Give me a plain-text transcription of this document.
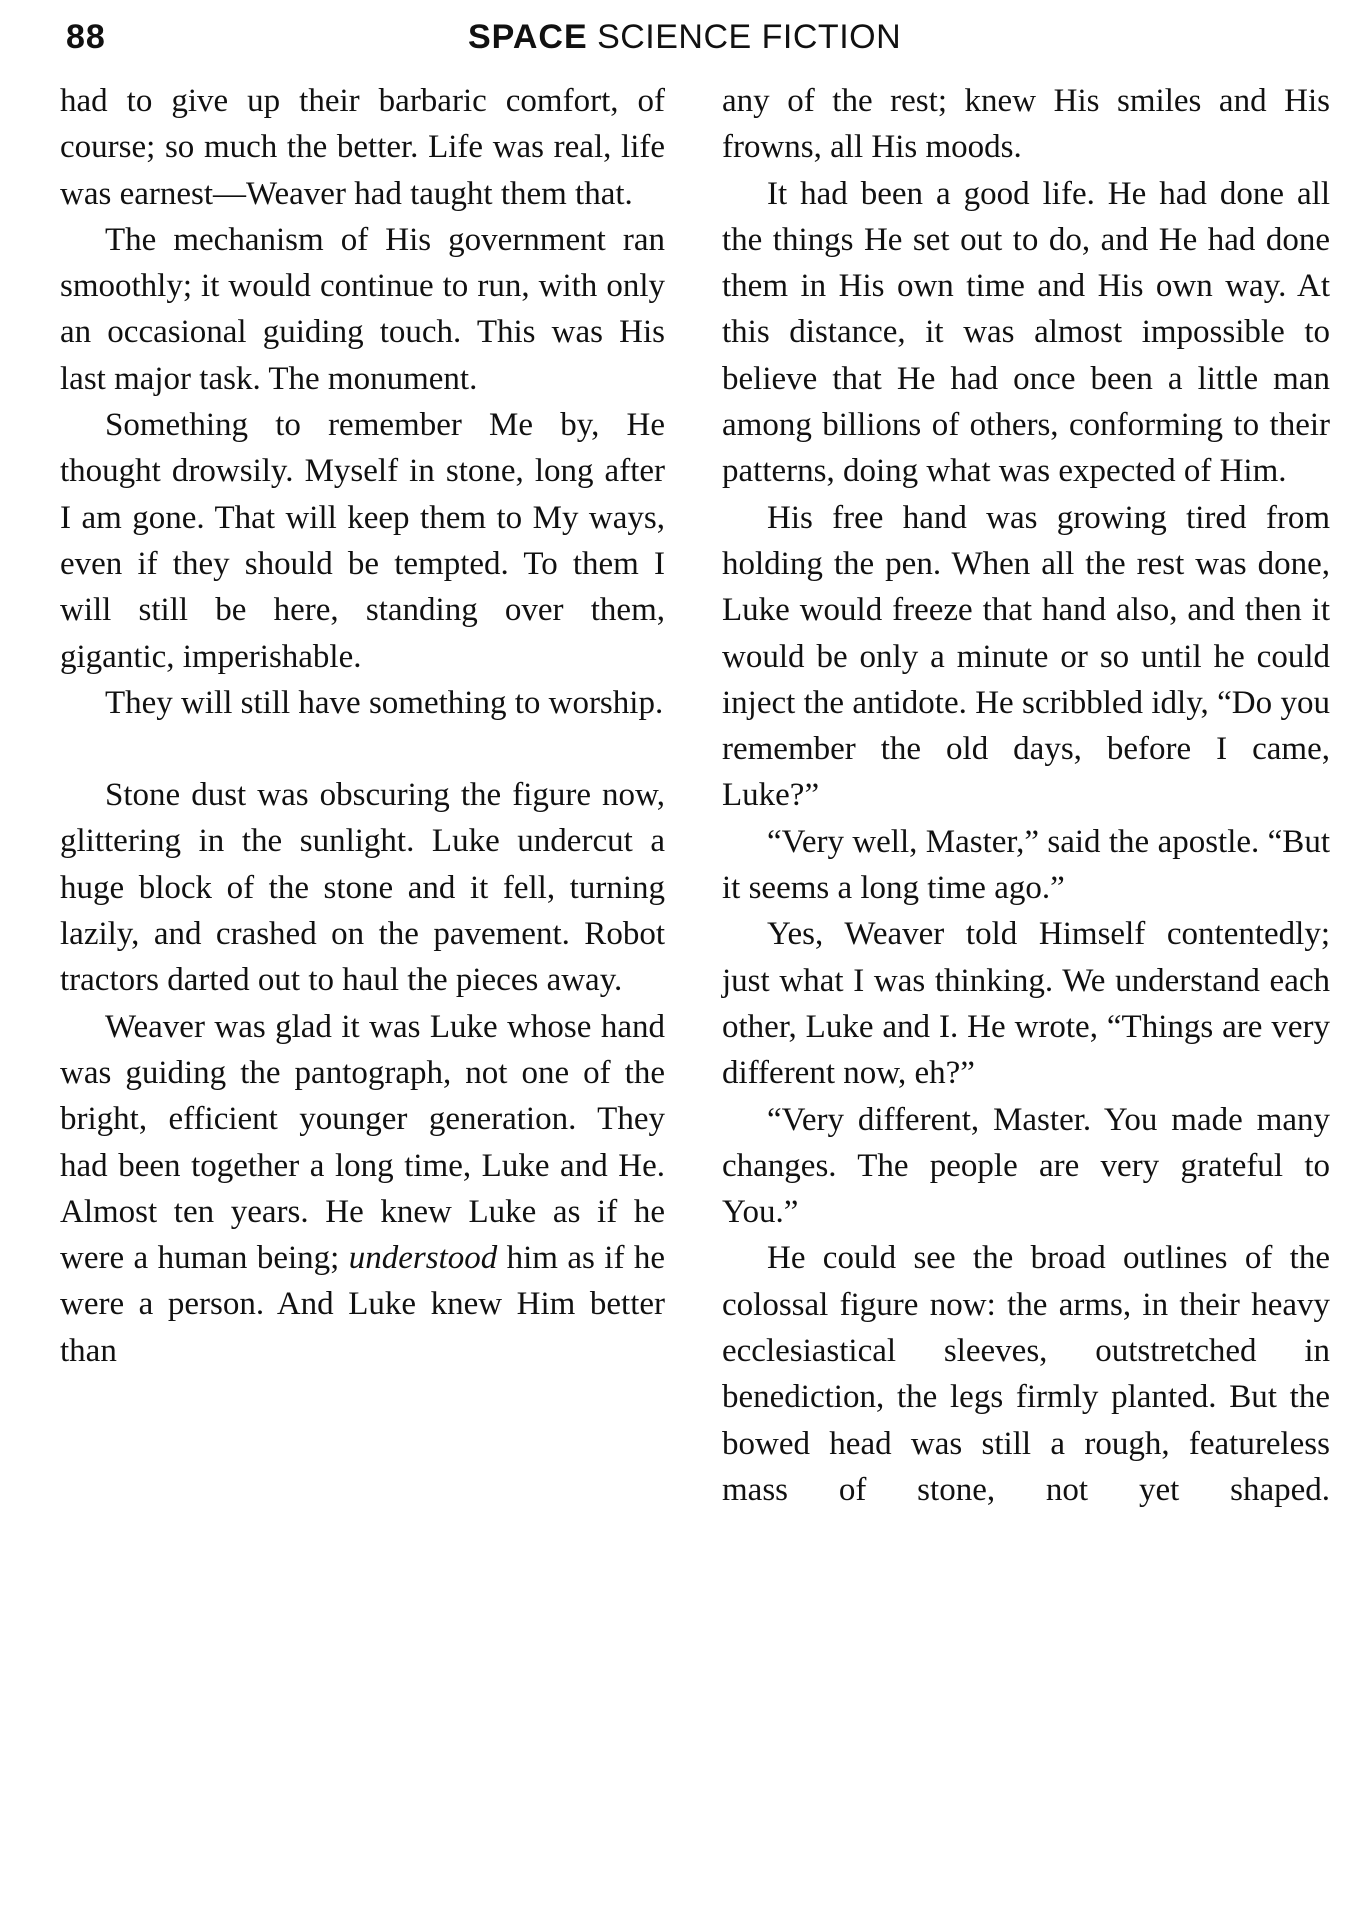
88	SPACE SCIENCE FICTION

had to give up their barbaric comfort, of course; so much the better. Life was real, life was earnest—Weaver had taught them that.

The mechanism of His government ran smoothly; it would continue to run, with only an occasional guiding touch. This was His last major task. The monument.

Something to remember Me by, He thought drowsily. Myself in stone, long after I am gone. That will keep them to My ways, even if they should be tempted. To them I will still be here, standing over them, gigantic, imperishable.

They will still have something to worship.

Stone dust was obscuring the figure now, glittering in the sunlight. Luke undercut a huge block of the stone and it fell, turning lazily, and crashed on the pavement. Robot tractors darted out to haul the pieces away.

Weaver was glad it was Luke whose hand was guiding the pantograph, not one of the bright, efficient younger generation. They had been together a long time, Luke and He. Almost ten years. He knew Luke as if he were a human being; understood him as if he were a person. And Luke knew Him better than

any of the rest; knew His smiles and His frowns, all His moods.

It had been a good life. He had done all the things He set out to do, and He had done them in His own time and His own way. At this distance, it was almost impossible to believe that He had once been a little man among billions of others, conforming to their patterns, doing what was expected of Him.

His free hand was growing tired from holding the pen. When all the rest was done, Luke would freeze that hand also, and then it would be only a minute or so until he could inject the antidote. He scribbled idly, “Do you remember the old days, before I came, Luke?”

“Very well, Master,” said the apostle. “But it seems a long time ago.”

Yes, Weaver told Himself contentedly; just what I was thinking. We understand each other, Luke and I. He wrote, “Things are very different now, eh?”

“Very different, Master. You made many changes. The people are very grateful to You.”

He could see the broad outlines of the colossal figure now: the arms, in their heavy ecclesiastical sleeves, outstretched in benediction, the legs firmly planted. But the bowed head was still a rough, featureless mass of stone, not yet shaped.
